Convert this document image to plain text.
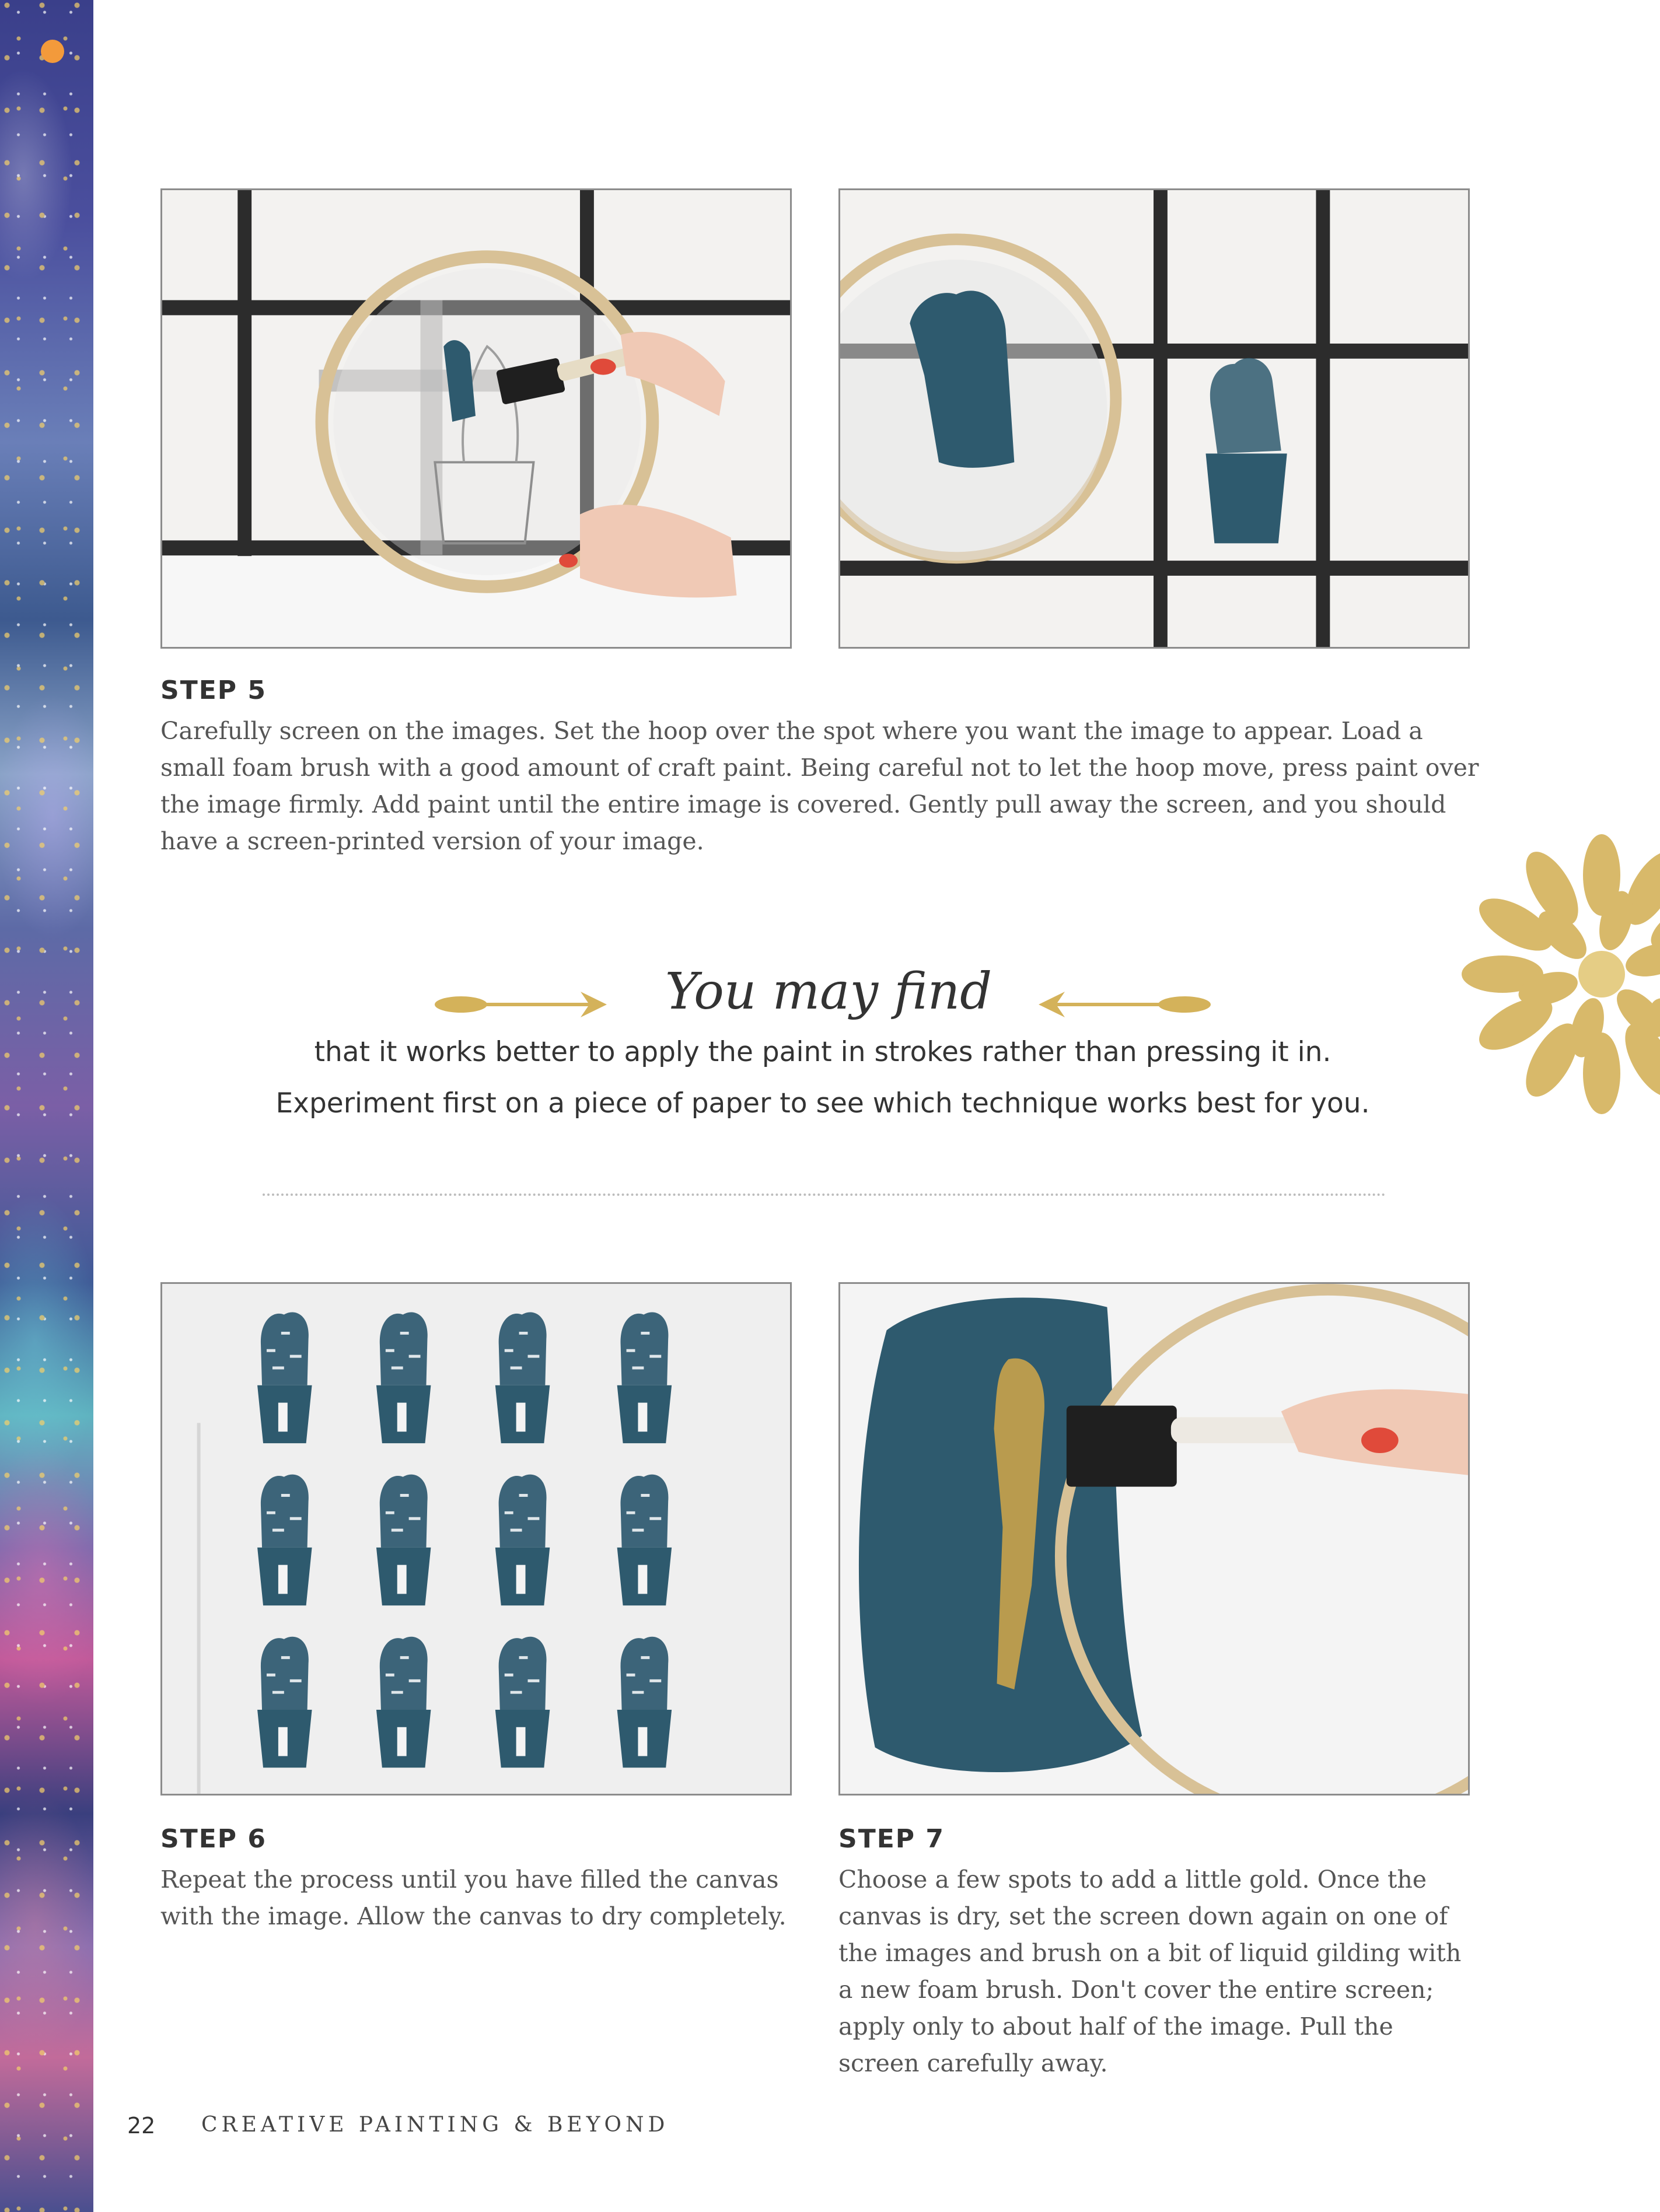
STEP 5

Carefully screen on the images. Set the hoop over the spot where you want the image to appear. Load a small foam brush with a good amount of craft paint. Being careful not to let the hoop move, press paint over the image firmly. Add paint until the entire image is covered. Gently pull away the screen, and you should have a screen-printed version of your image.

You may find
that it works better to apply the paint in strokes rather than pressing it in.
Experiment first on a piece of paper to see which technique works best for you.
STEP 6

Repeat the process until you have filled the canvas with the image. Allow the canvas to dry completely.

STEP 7

Choose a few spots to add a little gold. Once the canvas is dry, set the screen down again on one of the images and brush on a bit of liquid gilding with a new foam brush. Don't cover the entire screen; apply only to about half of the image. Pull the screen carefully away.

22 CREATIVE PAINTING & BEYOND
